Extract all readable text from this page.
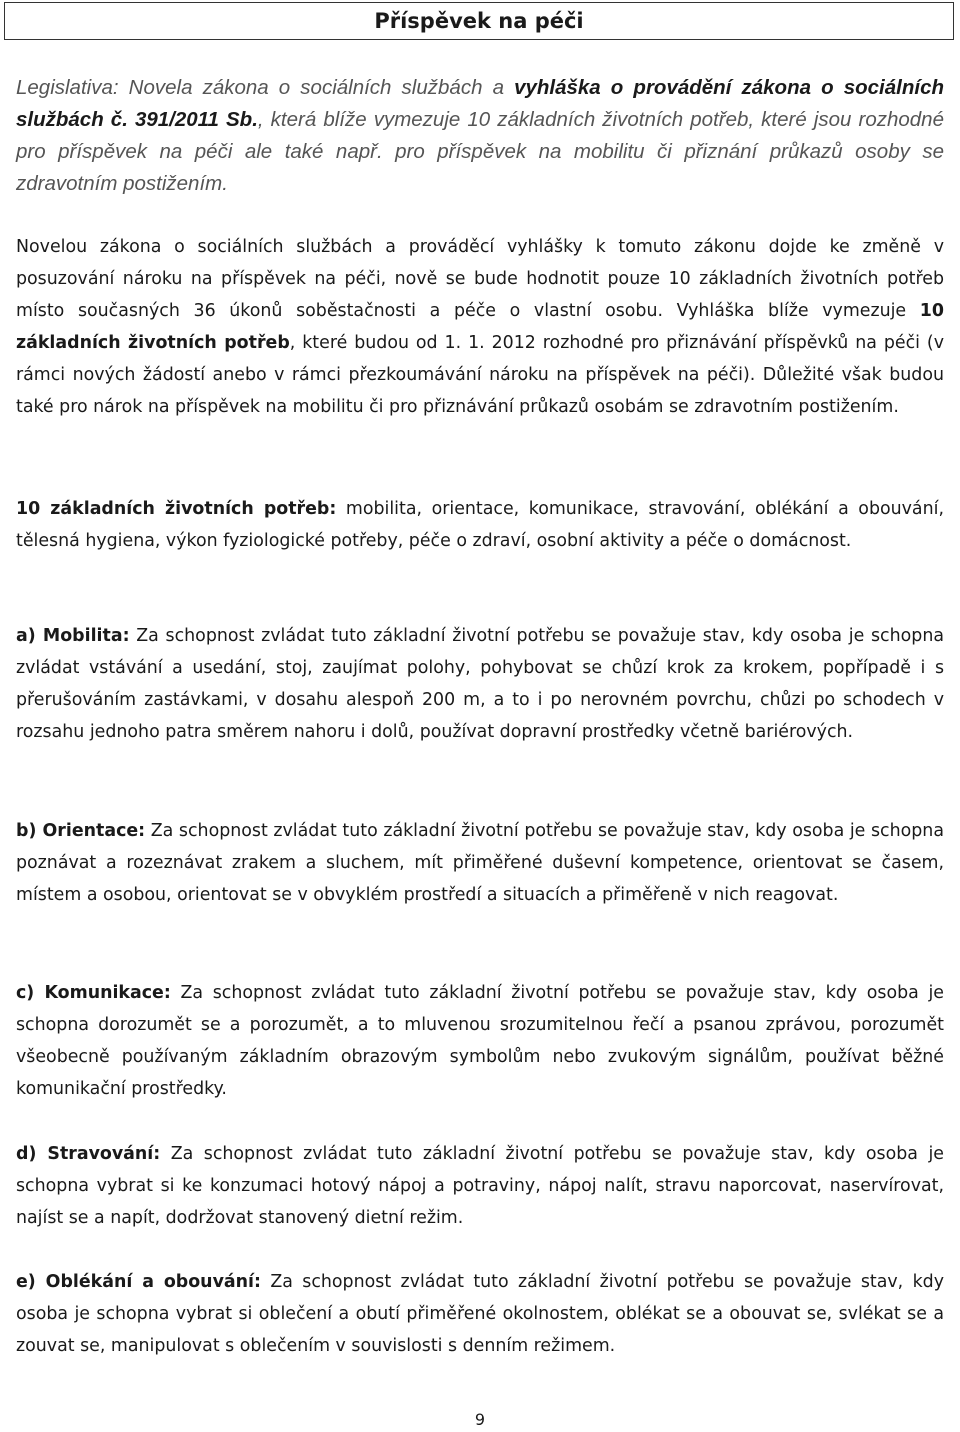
Příspěvek na péči

Legislativa: Novela zákona o sociálních službách a vyhláška o provádění zákona o sociálních službách č. 391/2011 Sb., která blíže vymezuje 10 základních životních potřeb, které jsou rozhodné pro příspěvek na péči ale také např. pro příspěvek na mobilitu či přiznání průkazů osoby se zdravotním postižením.

Novelou zákona o sociálních službách a prováděcí vyhlášky k tomuto zákonu dojde ke změně v posuzování nároku na příspěvek na péči, nově se bude hodnotit pouze 10 základních životních potřeb místo současných 36 úkonů soběstačnosti a péče o vlastní osobu. Vyhláška blíže vymezuje 10 základních životních potřeb, které budou od 1. 1. 2012 rozhodné pro přiznávání příspěvků na péči (v rámci nových žádostí anebo v rámci přezkoumávání nároku na příspěvek na péči). Důležité však budou také pro nárok na příspěvek na mobilitu či pro přiznávání průkazů osobám se zdravotním postižením.

10 základních životních potřeb: mobilita, orientace, komunikace, stravování, oblékání a obouvání, tělesná hygiena, výkon fyziologické potřeby, péče o zdraví, osobní aktivity a péče o domácnost.

a) Mobilita: Za schopnost zvládat tuto základní životní potřebu se považuje stav, kdy osoba je schopna zvládat vstávání a usedání, stoj, zaujímat polohy, pohybovat se chůzí krok za krokem, popřípadě i s přerušováním zastávkami, v dosahu alespoň 200 m, a to i po nerovném povrchu, chůzi po schodech v rozsahu jednoho patra směrem nahoru i dolů, používat dopravní prostředky včetně bariérových.

b) Orientace: Za schopnost zvládat tuto základní životní potřebu se považuje stav, kdy osoba je schopna poznávat a rozeznávat zrakem a sluchem, mít přiměřené duševní kompetence, orientovat se časem, místem a osobou, orientovat se v obvyklém prostředí a situacích a přiměřeně v nich reagovat.

c) Komunikace: Za schopnost zvládat tuto základní životní potřebu se považuje stav, kdy osoba je schopna dorozumět se a porozumět, a to mluvenou srozumitelnou řečí a psanou zprávou, porozumět všeobecně používaným základním obrazovým symbolům nebo zvukovým signálům, používat běžné komunikační prostředky.

d) Stravování: Za schopnost zvládat tuto základní životní potřebu se považuje stav, kdy osoba je schopna vybrat si ke konzumaci hotový nápoj a potraviny, nápoj nalít, stravu naporcovat, naservírovat, najíst se a napít, dodržovat stanovený dietní režim.

e) Oblékání a obouvání: Za schopnost zvládat tuto základní životní potřebu se považuje stav, kdy osoba je schopna vybrat si oblečení a obutí přiměřené okolnostem, oblékat se a obouvat se, svlékat se a zouvat se, manipulovat s oblečením v souvislosti s denním režimem.

9
